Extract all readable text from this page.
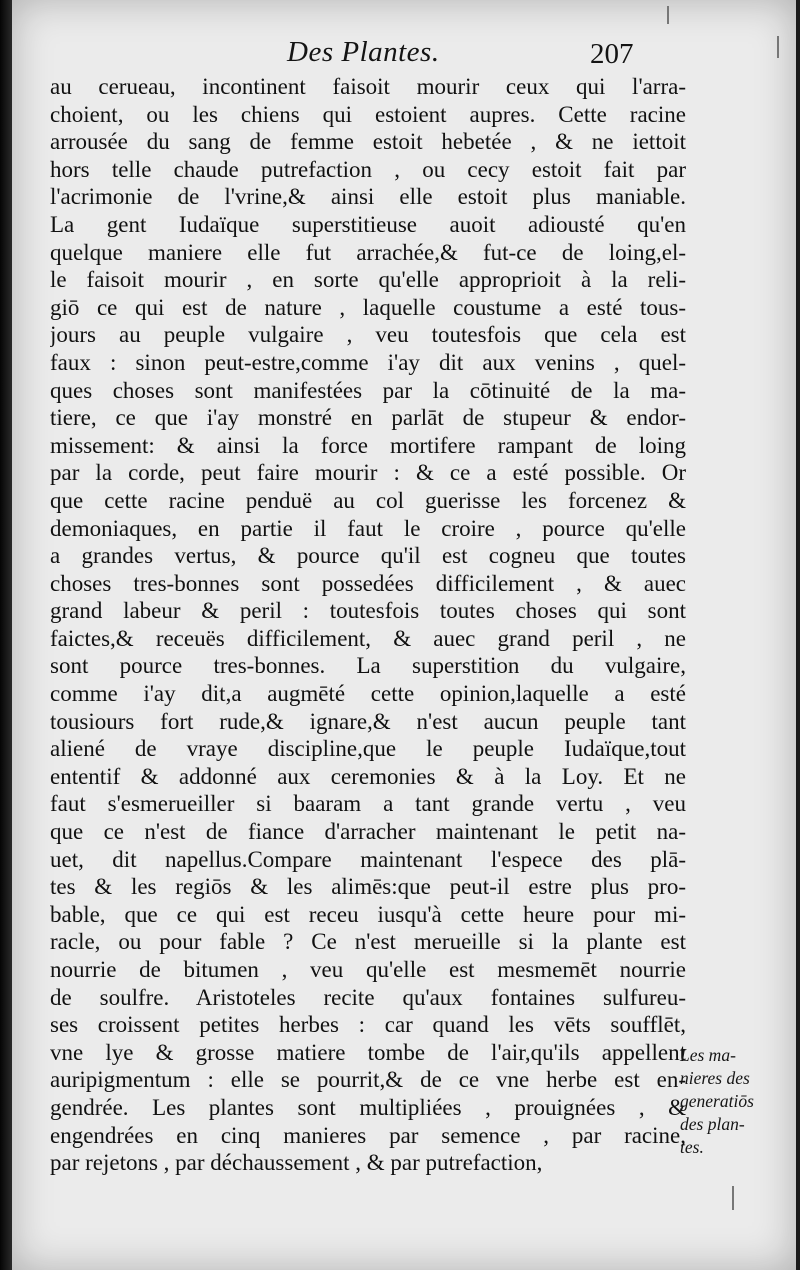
Des Plantes.	207
au cerueau, incontinent faisoit mourir ceux qui l'arra-
choient, ou les chiens qui estoient aupres. Cette racine
arrousée du sang de femme estoit hebetée , & ne iettoit
hors telle chaude putrefaction , ou cecy estoit fait par
l'acrimonie de l'vrine,& ainsi elle estoit plus maniable.
La gent Iudaïque superstitieuse auoit adiousté qu'en
quelque maniere elle fut arrachée,& fut-ce de loing,el-
le faisoit mourir , en sorte qu'elle approprioit à la reli-
giō ce qui est de nature , laquelle coustume a esté tous-
jours au peuple vulgaire , veu toutesfois que cela est
faux : sinon peut-estre,comme i'ay dit aux venins , quel-
ques choses sont manifestées par la cōtinuité de la ma-
tiere, ce que i'ay monstré en parlāt de stupeur & endor-
missement: & ainsi la force mortifere rampant de loing
par la corde, peut faire mourir : & ce a esté possible. Or
que cette racine penduë au col guerisse les forcenez &
demoniaques, en partie il faut le croire , pource qu'elle
a grandes vertus, & pource qu'il est cogneu que toutes
choses tres-bonnes sont possedées difficilement , & auec
grand labeur & peril : toutesfois toutes choses qui sont
faictes,& receuës difficilement, & auec grand peril , ne
sont pource tres-bonnes. La superstition du vulgaire,
comme i'ay dit,a augmēté cette opinion,laquelle a esté
tousiours fort rude,& ignare,& n'est aucun peuple tant
aliené de vraye discipline,que le peuple Iudaïque,tout
ententif & addonné aux ceremonies & à la Loy. Et ne
faut s'esmerueiller si baaram a tant grande vertu , veu
que ce n'est de fiance d'arracher maintenant le petit na-
uet, dit napellus.Compare maintenant l'espece des plā-
tes & les regiōs & les alimēs:que peut-il estre plus pro-
bable, que ce qui est receu iusqu'à cette heure pour mi-
racle, ou pour fable ? Ce n'est merueille si la plante est
nourrie de bitumen , veu qu'elle est mesmemēt nourrie
de soulfre. Aristoteles recite qu'aux fontaines sulfureu-
ses croissent petites herbes : car quand les vēts soufflēt,
vne lye & grosse matiere tombe de l'air,qu'ils appellent
auripigmentum : elle se pourrit,& de ce vne herbe est en-
gendrée. Les plantes sont multipliées , prouignées , &
engendrées en cinq manieres par semence , par racine,
par rejetons , par déchaussement , & par putrefaction,
Les ma-
nieres des
generatiōs
des plan-
tes.
